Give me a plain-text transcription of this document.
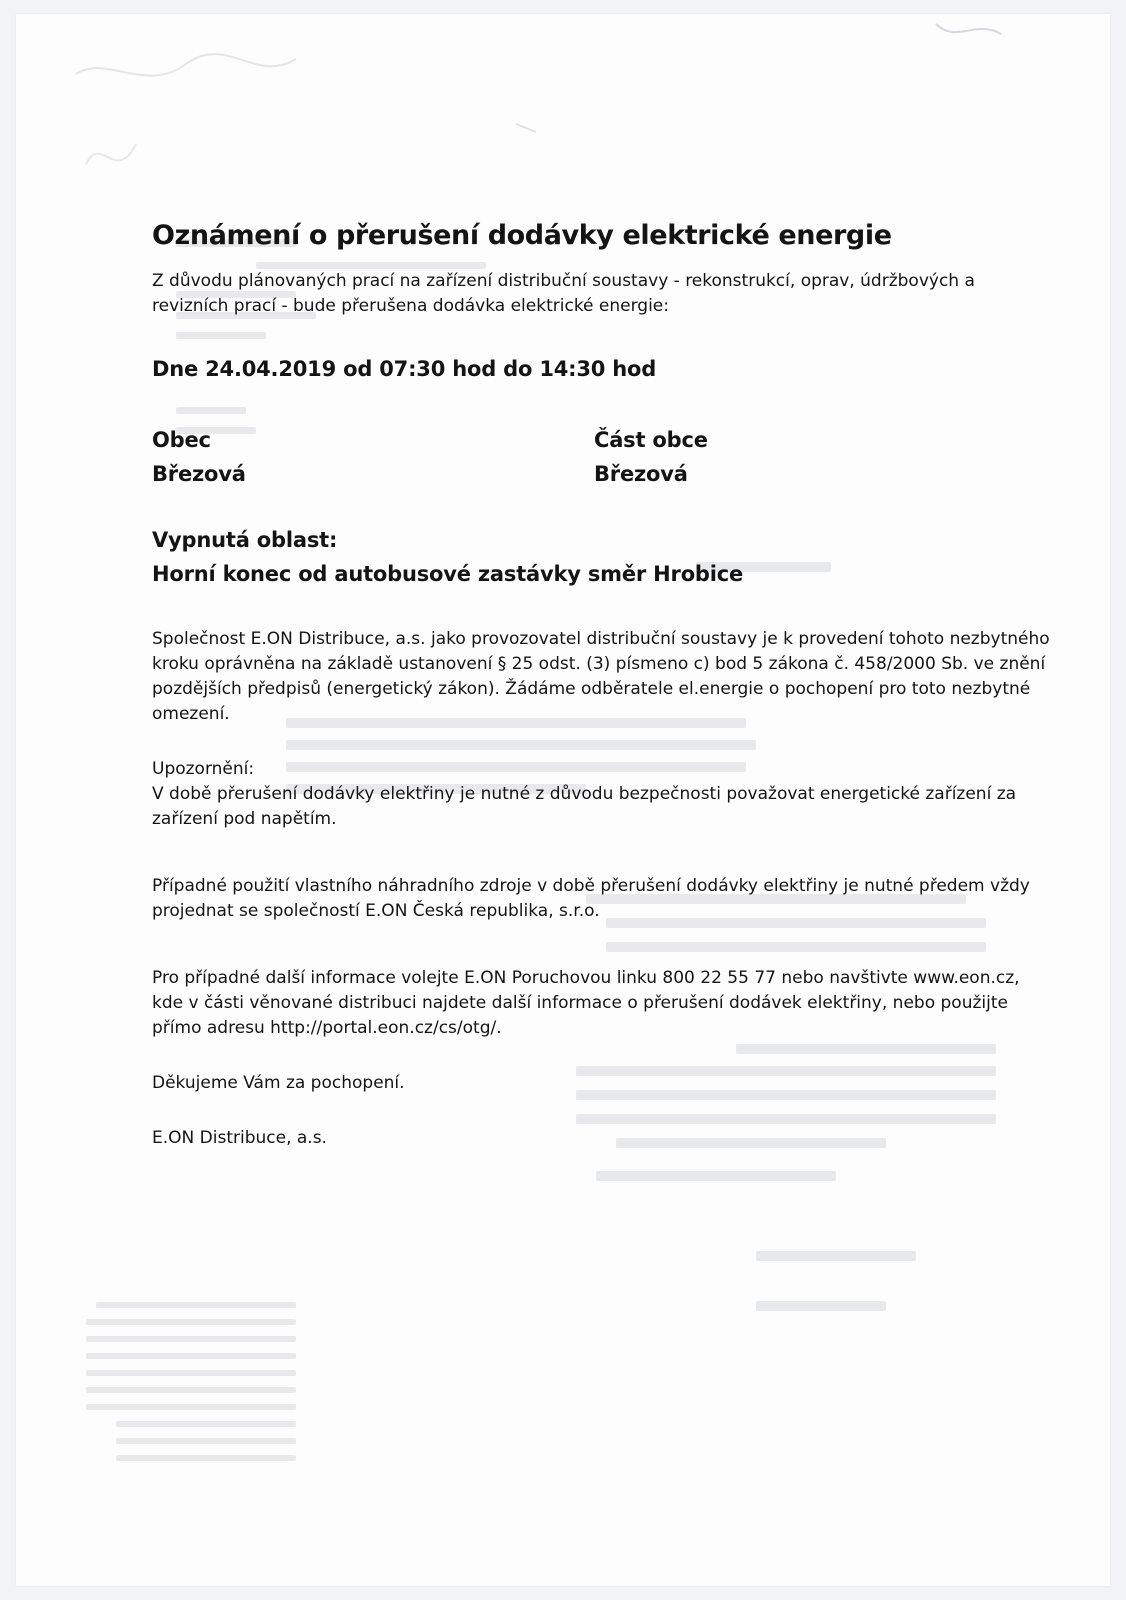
Oznámení o přerušení dodávky elektrické energie

Z důvodu plánovaných prací na zařízení distribuční soustavy - rekonstrukcí, oprav, údržbových a revizních prací - bude přerušena dodávka elektrické energie:

Dne 24.04.2019 od 07:30 hod do 14:30 hod
Obec	Část obce
Březová	Březová
Vypnutá oblast:
Horní konec od autobusové zastávky směr Hrobice

Společnost E.ON Distribuce, a.s. jako provozovatel distribuční soustavy je k provedení tohoto nezbytného kroku oprávněna na základě ustanovení § 25 odst. (3) písmeno c) bod 5 zákona č. 458/2000 Sb. ve znění pozdějších předpisů (energetický zákon). Žádáme odběratele el.energie o pochopení pro toto nezbytné omezení.

Upozornění:

V době přerušení dodávky elektřiny je nutné z důvodu bezpečnosti považovat energetické zařízení za zařízení pod napětím.

Případné použití vlastního náhradního zdroje v době přerušení dodávky elektřiny je nutné předem vždy projednat se společností E.ON Česká republika, s.r.o.

Pro případné další informace volejte E.ON Poruchovou linku 800 22 55 77 nebo navštivte www.eon.cz, kde v části věnované distribuci najdete další informace o přerušení dodávek elektřiny, nebo použijte přímo adresu http://portal.eon.cz/cs/otg/.

Děkujeme Vám za pochopení.

E.ON Distribuce, a.s.
